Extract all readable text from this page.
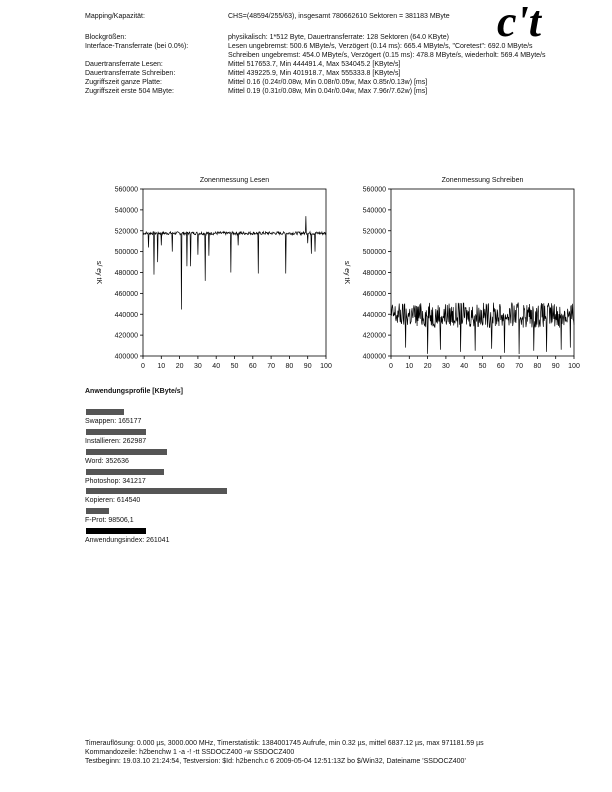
Mapping/Kapazität:	CHS=(48594/255/63), insgesamt 780662610 Sektoren = 381183 MByte
Blockgrößen:	physikalisch: 1*512 Byte, Dauertransferrate: 128 Sektoren (64.0 KByte)
Interface-Transferrate (bei 0.0%):	Lesen ungebremst: 500.6 MByte/s, Verzögert (0.14 ms): 665.4 MByte/s, "Coretest": 692.0 MByte/s
Schreiben ungebremst: 454.0 MByte/s, Verzögert (0.15 ms): 478.8 MByte/s, wiederholt: 569.4 MByte/s
Dauertransferrate Lesen:	Mittel 517653.7, Min 444491.4, Max 534045.2 [KByte/s]
Dauertransferrate Schreiben:	Mittel 439225.9, Min 401918.7, Max 555333.8 [KByte/s]
Zugriffszeit ganze Platte:	Mittel 0.16 (0.24r/0.08w, Min 0.08r/0.05w, Max 0.85r/0.13w) [ms]
Zugriffszeit erste 504 MByte:	Mittel 0.19 (0.31r/0.08w, Min 0.04r/0.04w, Max 7.96r/7.62w) [ms]
c't
Zonenmessung Lesen
s/ ey tK
400000
420000
440000
460000
480000
500000
520000
540000
560000
0 10 20 30 40 50 60 70 80 90 100
Zonenmessung Schreiben
s/ ey tK
400000
420000
440000
460000
480000
500000
520000
540000
560000
0 10 20 30 40 50 60 70 80 90 100
Anwendungsprofile [KByte/s]
Swappen: 165177
Installieren: 262987
Word: 352636
Photoshop: 341217
Kopieren: 614540
F-Prot: 98506,1
Anwendungsindex: 261041
Timerauflösung: 0.000 µs, 3000.000 MHz, Timerstatistik: 1384001745 Aufrufe, min 0.32 µs, mittel 6837.12 µs, max 971181.59 µs
Kommandozeile: h2benchw 1 -a -! -tt SSDOCZ400 -w SSDOCZ400
Testbeginn: 19.03.10 21:24:54, Testversion: $Id: h2bench.c 6 2009-05-04 12:51:13Z bo $/Win32, Dateiname 'SSDOCZ400'
